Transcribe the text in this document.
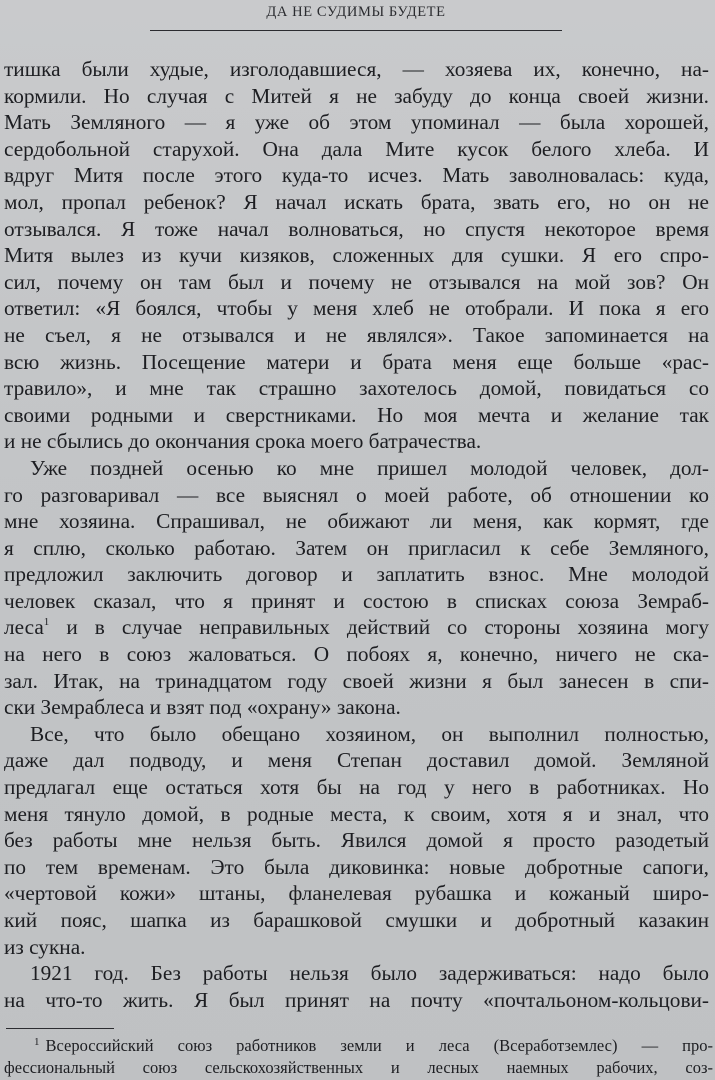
ДА НЕ СУДИМЫ БУДЕТЕ
тишка были худые, изголодавшиеся, — хозяева их, конечно, на-
кормили. Но случая с Митей я не забуду до конца своей жизни.
Мать Земляного — я уже об этом упоминал — была хорошей,
сердобольной старухой. Она дала Мите кусок белого хлеба. И
вдруг Митя после этого куда-то исчез. Мать заволновалась: куда,
мол, пропал ребенок? Я начал искать брата, звать его, но он не
отзывался. Я тоже начал волноваться, но спустя некоторое время
Митя вылез из кучи кизяков, сложенных для сушки. Я его спро-
сил, почему он там был и почему не отзывался на мой зов? Он
ответил: «Я боялся, чтобы у меня хлеб не отобрали. И пока я его
не съел, я не отзывался и не являлся». Такое запоминается на
всю жизнь. Посещение матери и брата меня еще больше «рас-
травило», и мне так страшно захотелось домой, повидаться со
своими родными и сверстниками. Но моя мечта и желание так
и не сбылись до окончания срока моего батрачества.
Уже поздней осенью ко мне пришел молодой человек, дол-
го разговаривал — все выяснял о моей работе, об отношении ко
мне хозяина. Спрашивал, не обижают ли меня, как кормят, где
я сплю, сколько работаю. Затем он пригласил к себе Земляного,
предложил заключить договор и заплатить взнос. Мне молодой
человек сказал, что я принят и состою в списках союза Земраб-
леса$^1$ и в случае неправильных действий со стороны хозяина могу
на него в союз жаловаться. О побоях я, конечно, ничего не ска-
зал. Итак, на тринадцатом году своей жизни я был занесен в спи-
ски Земраблеса и взят под «охрану» закона.
Все, что было обещано хозяином, он выполнил полностью,
даже дал подводу, и меня Степан доставил домой. Земляной
предлагал еще остаться хотя бы на год у него в работниках. Но
меня тянуло домой, в родные места, к своим, хотя я и знал, что
без работы мне нельзя быть. Явился домой я просто разодетый
по тем временам. Это была диковинка: новые добротные сапоги,
«чертовой кожи» штаны, фланелевая рубашка и кожаный широ-
кий пояс, шапка из барашковой смушки и добротный казакин
из сукна.
1921 год. Без работы нельзя было задерживаться: надо было
на что-то жить. Я был принят на почту «почтальоном-кольцови-
$^1$ Всероссийский союз работников земли и леса (Всеработземлес) — про-
фессиональный союз сельскохозяйственных и лесных наемных рабочих, соз-
